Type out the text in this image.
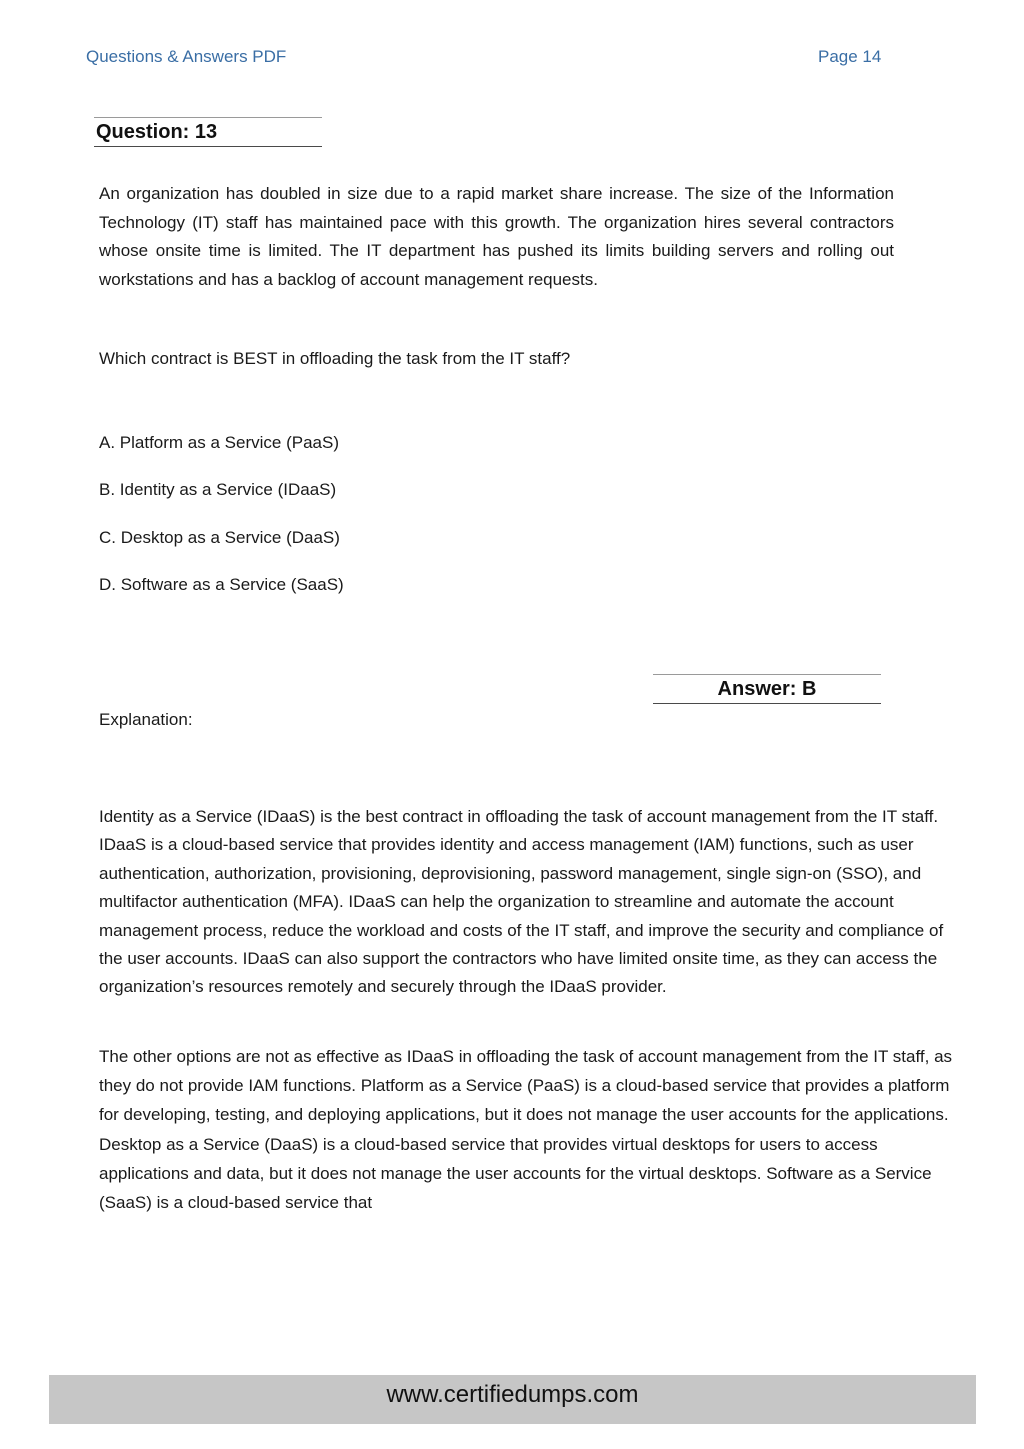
Questions & Answers PDF	Page 14
Question: 13
An organization has doubled in size due to a rapid market share increase. The size of the Information Technology (IT) staff has maintained pace with this growth. The organization hires several contractors whose onsite time is limited. The IT department has pushed its limits building servers and rolling out workstations and has a backlog of account management requests.
Which contract is BEST in offloading the task from the IT staff?
A. Platform as a Service (PaaS)
B. Identity as a Service (IDaaS)
C. Desktop as a Service (DaaS)
D. Software as a Service (SaaS)
Answer: B
Explanation:
Identity as a Service (IDaaS) is the best contract in offloading the task of account management from the IT staff. IDaaS is a cloud-based service that provides identity and access management (IAM) functions, such as user authentication, authorization, provisioning, deprovisioning, password management, single sign-on (SSO), and multifactor authentication (MFA). IDaaS can help the organization to streamline and automate the account management process, reduce the workload and costs of the IT staff, and improve the security and compliance of the user accounts. IDaaS can also support the contractors who have limited onsite time, as they can access the organization’s resources remotely and securely through the IDaaS provider.
The other options are not as effective as IDaaS in offloading the task of account management from the IT staff, as they do not provide IAM functions. Platform as a Service (PaaS) is a cloud-based service that provides a platform for developing, testing, and deploying applications, but it does not manage the user accounts for the applications. Desktop as a Service (DaaS) is a cloud-based service that provides virtual desktops for users to access applications and data, but it does not manage the user accounts for the virtual desktops. Software as a Service (SaaS) is a cloud-based service that
www.certifiedumps.com
